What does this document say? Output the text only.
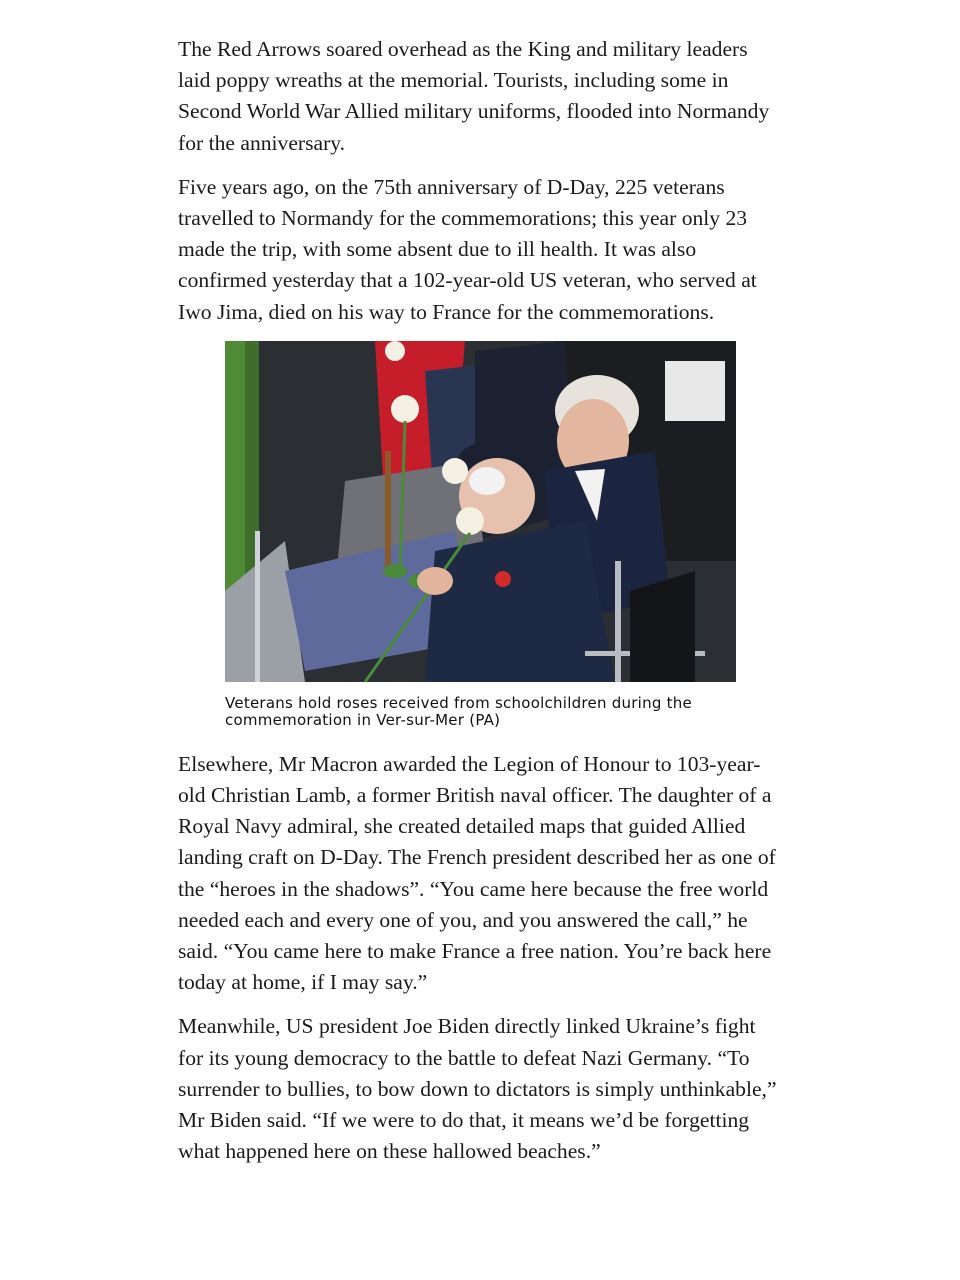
The Red Arrows soared overhead as the King and military leaders laid poppy wreaths at the memorial. Tourists, including some in Second World War Allied military uniforms, flooded into Normandy for the anniversary.

Five years ago, on the 75th anniversary of D-Day, 225 veterans travelled to Normandy for the commemorations; this year only 23 made the trip, with some absent due to ill health. It was also confirmed yesterday that a 102-year-old US veteran, who served at Iwo Jima, died on his way to France for the commemorations.

Veterans hold roses received from schoolchildren during the commemoration in Ver-sur-Mer (PA)

Elsewhere, Mr Macron awarded the Legion of Honour to 103-year-old Christian Lamb, a former British naval officer. The daughter of a Royal Navy admiral, she created detailed maps that guided Allied landing craft on D-Day. The French president described her as one of the “heroes in the shadows”. “You came here because the free world needed each and every one of you, and you answered the call,” he said. “You came here to make France a free nation. You’re back here today at home, if I may say.”

Meanwhile, US president Joe Biden directly linked Ukraine’s fight for its young democracy to the battle to defeat Nazi Germany. “To surrender to bullies, to bow down to dictators is simply unthinkable,” Mr Biden said. “If we were to do that, it means we’d be forgetting what happened here on these hallowed beaches.”
